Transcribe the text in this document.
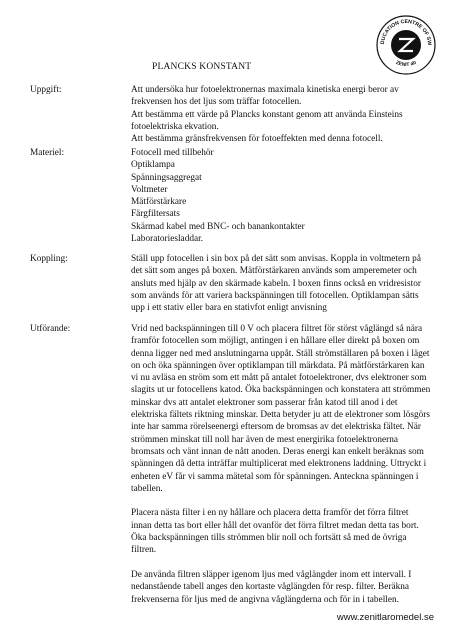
DUCATION CENTRE OF SW
ZENIT ab
PLANCKS KONSTANT
Uppgift:	Att undersöka hur fotoelektronernas maximala kinetiska energi beror av frekvensen hos det ljus som träffar fotocellen.

Att bestämma ett värde på Plancks konstant genom att använda Einsteins fotoelektriska ekvation.

Att bestämma gränsfrekvensen för fotoeffekten med denna fotocell.

Materiel:	Fotocell med tillbehör
Optiklampa
Spänningsaggregat
Voltmeter
Mätförstärkare
Färgfiltersats
Skärmad kabel med BNC- och banankontakter
Laboratoriesladdar.
Koppling:	Ställ upp fotocellen i sin box på det sätt som anvisas. Koppla in voltmetern på det sätt som anges på boxen. Mätförstärkaren används som amperemeter och ansluts med hjälp av den skärmade kabeln. I boxen finns också en vridresistor som används för att variera backspänningen till fotocellen. Optiklampan sätts upp i ett stativ eller bara en stativfot enligt anvisning

Utförande:	Vrid ned backspänningen till 0 V och placera filtret för störst våglängd så nära framför fotocellen som möjligt, antingen i en hållare eller direkt på boxen om denna ligger ned med anslutningarna uppåt. Ställ strömställaren på boxen i läget on och öka spänningen över optiklampan till märkdata. På mätförstärkaren kan vi nu avläsa en ström som ett mått på antalet fotoelektroner, dvs elektroner som slagits ut ur fotocellens katod. Öka backspänningen och konstatera att strömmen minskar dvs att antalet elektroner som passerar från katod till anod i det elektriska fältets riktning minskar. Detta betyder ju att de elektroner som lösgörs inte har samma rörelseenergi eftersom de bromsas av det elektriska fältet. När strömmen minskat till noll har även de mest energirika fotoelektronerna bromsats och vänt innan de nått anoden. Deras energi kan enkelt beräknas som spänningen då detta inträffar multiplicerat med elektronens laddning. Uttryckt i enheten eV får vi samma mätetal som för spänningen. Anteckna spänningen i tabellen.

Placera nästa filter i en ny hållare och placera detta framför det förra filtret innan detta tas bort eller håll det ovanför det förra filtret medan detta tas bort. Öka backspänningen tills strömmen blir noll och fortsätt så med de övriga filtren.

De använda filtren släpper igenom ljus med våglängder inom ett intervall. I nedanstående tabell anges den kortaste våglängden för resp. filter. Beräkna frekvenserna för ljus med de angivna våglängderna och för in i tabellen.

www.zenitlaromedel.se
